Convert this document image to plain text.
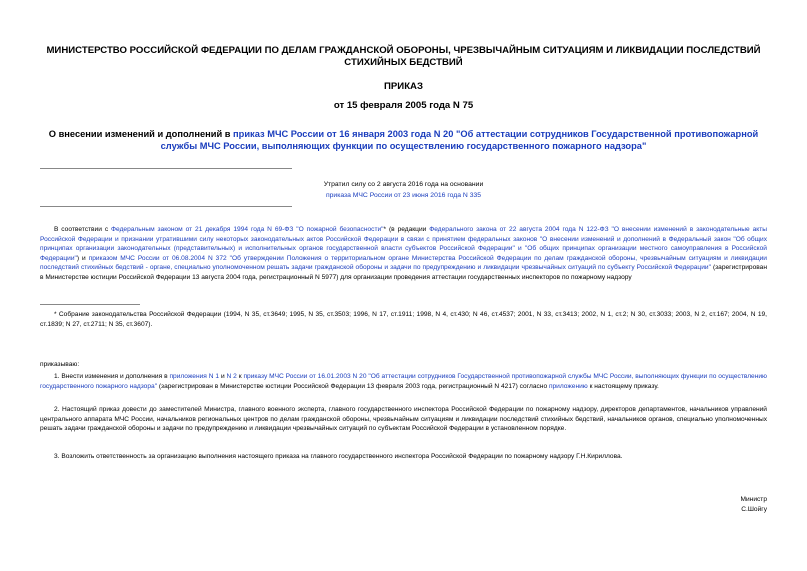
МИНИСТЕРСТВО РОССИЙСКОЙ ФЕДЕРАЦИИ ПО ДЕЛАМ ГРАЖДАНСКОЙ ОБОРОНЫ, ЧРЕЗВЫЧАЙНЫМ СИТУАЦИЯМ И ЛИКВИДАЦИИ ПОСЛЕДСТВИЙ СТИХИЙНЫХ БЕДСТВИЙ
ПРИКАЗ
от 15 февраля 2005 года N 75
О внесении изменений и дополнений в приказ МЧС России от 16 января 2003 года N 20 "Об аттестации сотрудников Государственной противопожарной службы МЧС России, выполняющих функции по осуществлению государственного пожарного надзора"
Утратил силу со 2 августа 2016 года на основании
приказа МЧС России от 23 июня 2016 года N 335
В соответствии с Федеральным законом от 21 декабря 1994 года N 69-ФЗ "О пожарной безопасности"* (в редакции Федерального закона от 22 августа 2004 года N 122-ФЗ "О внесении изменений в законодательные акты Российской Федерации и признании утратившими силу некоторых законодательных актов Российской Федерации в связи с принятием федеральных законов "О внесении изменений и дополнений в Федеральный закон "Об общих принципах организации законодательных (представительных) и исполнительных органов государственной власти субъектов Российской Федерации" и "Об общих принципах организации местного самоуправления в Российской Федерации") и приказом МЧС России от 06.08.2004 N 372 "Об утверждении Положения о территориальном органе Министерства Российской Федерации по делам гражданской обороны, чрезвычайным ситуациям и ликвидации последствий стихийных бедствий - органе, специально уполномоченном решать задачи гражданской обороны и задачи по предупреждению и ликвидации чрезвычайных ситуаций по субъекту Российской Федерации" (зарегистрирован в Министерстве юстиции Российской Федерации 13 августа 2004 года, регистрационный N 5977) для организации проведения аттестации государственных инспекторов по пожарному надзору
* Собрание законодательства Российской Федерации (1994, N 35, ст.3649; 1995, N 35, ст.3503; 1996, N 17, ст.1911; 1998, N 4, ст.430; N 46, ст.4537; 2001, N 33, ст.3413; 2002, N 1, ст.2; N 30, ст.3033; 2003, N 2, ст.167; 2004, N 19, ст.1839; N 27, ст.2711; N 35, ст.3607).
приказываю:
1. Внести изменения и дополнения в приложения N 1 и N 2 к приказу МЧС России от 16.01.2003 N 20 "Об аттестации сотрудников Государственной противопожарной службы МЧС России, выполняющих функции по осуществлению государственного пожарного надзора" (зарегистрирован в Министерстве юстиции Российской Федерации 13 февраля 2003 года, регистрационный N 4217) согласно приложению к настоящему приказу.
2. Настоящий приказ довести до заместителей Министра, главного военного эксперта, главного государственного инспектора Российской Федерации по пожарному надзору, директоров департаментов, начальников управлений центрального аппарата МЧС России, начальников региональных центров по делам гражданской обороны, чрезвычайным ситуациям и ликвидации последствий стихийных бедствий, начальников органов, специально уполномоченных решать задачи гражданской обороны и задачи по предупреждению и ликвидации чрезвычайных ситуаций по субъектам Российской Федерации в установленном порядке.
3. Возложить ответственность за организацию выполнения настоящего приказа на главного государственного инспектора Российской Федерации по пожарному надзору Г.Н.Кириллова.
Министр
С.Шойгу
